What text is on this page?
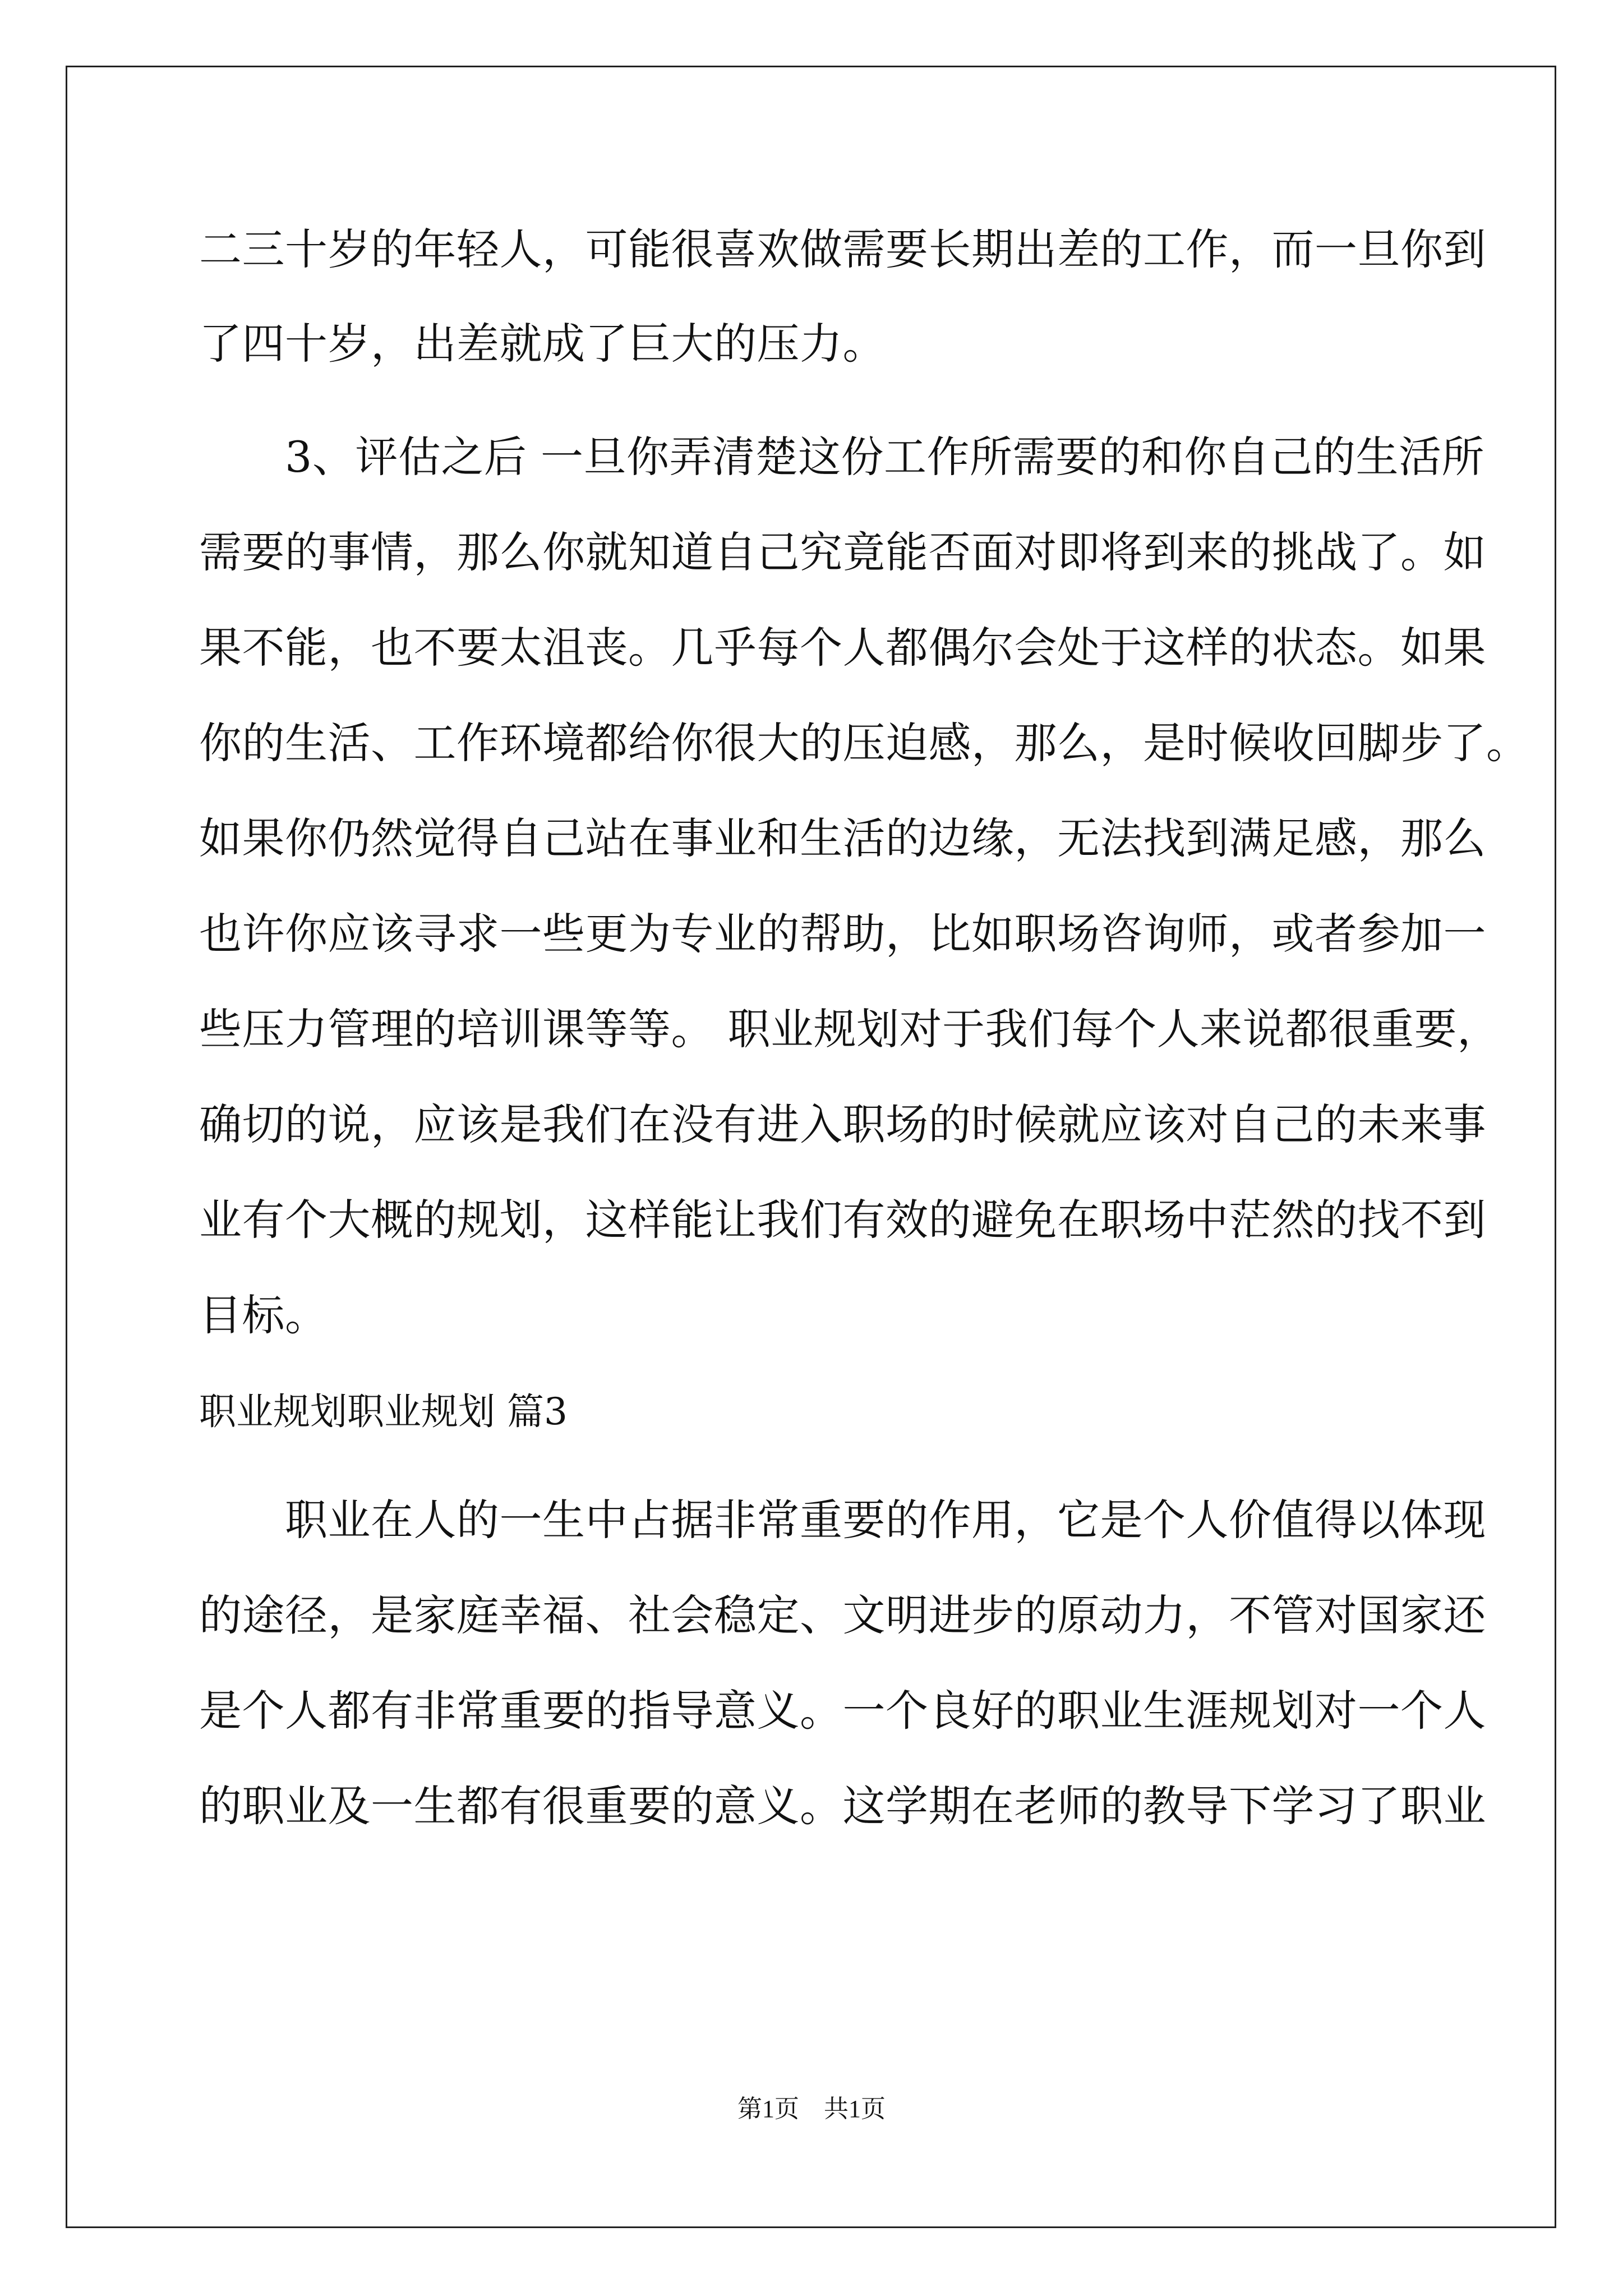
二三十岁的年轻人，可能很喜欢做需要长期出差的工作，而一旦你到
了四十岁，出差就成了巨大的压力。
　　3、评估之后 一旦你弄清楚这份工作所需要的和你自己的生活所
需要的事情，那么你就知道自己究竟能否面对即将到来的挑战了。如
果不能，也不要太沮丧。几乎每个人都偶尔会处于这样的状态。如果
你的生活、工作环境都给你很大的压迫感，那么，是时候收回脚步了。
如果你仍然觉得自己站在事业和生活的边缘，无法找到满足感，那么
也许你应该寻求一些更为专业的帮助，比如职场咨询师，或者参加一
些压力管理的培训课等等。 职业规划对于我们每个人来说都很重要，
确切的说，应该是我们在没有进入职场的时候就应该对自己的未来事
业有个大概的规划，这样能让我们有效的避免在职场中茫然的找不到
目标。
职业规划职业规划 篇3
　　职业在人的一生中占据非常重要的作用，它是个人价值得以体现
的途径，是家庭幸福、社会稳定、文明进步的原动力，不管对国家还
是个人都有非常重要的指导意义。一个良好的职业生涯规划对一个人
的职业及一生都有很重要的意义。这学期在老师的教导下学习了职业
第1页　共1页
